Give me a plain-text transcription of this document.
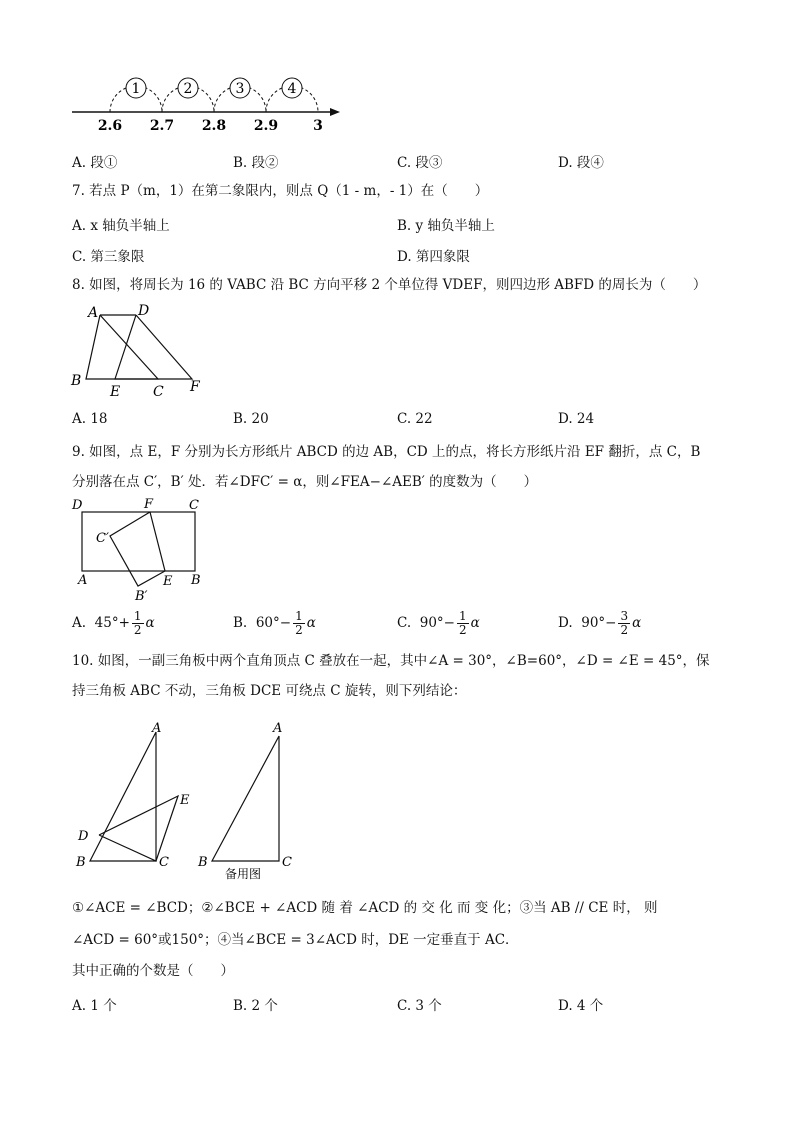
1	2	3	4
2.6 2.7 2.8 2.9 3
A. 段①	B. 段②	C. 段③	D. 段④
7. 若点 P（m，1）在第二象限内，则点 Q（1 - m，- 1）在（　　）
A. x 轴负半轴上	B. y 轴负半轴上
C. 第三象限	D. 第四象限
8. 如图，将周长为 16 的 VABC 沿 BC 方向平移 2 个单位得 VDEF，则四边形 ABFD 的周长为（　　）
A	D
B
E C F
A. 18	B. 20	C. 22	D. 24
9. 如图，点 E，F 分别为长方形纸片 ABCD 的边 AB，CD 上的点，将长方形纸片沿 EF 翻折，点 C，B
分别落在点 C′，B′ 处．若∠DFC′ = α，则∠FEA−∠AEB′ 的度数为（　　）
D	F	C
C′
A	E B
B′
A. $45^\circ+ \frac{1}{2}$ α	B. $60^\circ- \frac{1}{2}$ α	C. $90^\circ- \frac{1}{2}$ α	D. $90^\circ- \frac{3}{2}$ α
10. 如图，一副三角板中两个直角顶点 C 叠放在一起，其中∠A = 30°，∠B=60°，∠D = ∠E = 45°，保
持三角板 ABC 不动，三角板 DCE 可绕点 C 旋转，则下列结论：
A
E
D
B	C
A
B	C
备用图
①∠ACE = ∠BCD；②∠BCE + ∠ACD 随 着 ∠ACD 的 交 化 而 变 化；③当 AB // CE 时， 则
∠ACD = 60°或150°；④当∠BCE = 3∠ACD 时，DE 一定垂直于 AC．
其中正确的个数是（　　）
A. 1 个	B. 2 个	C. 3 个	D. 4 个
